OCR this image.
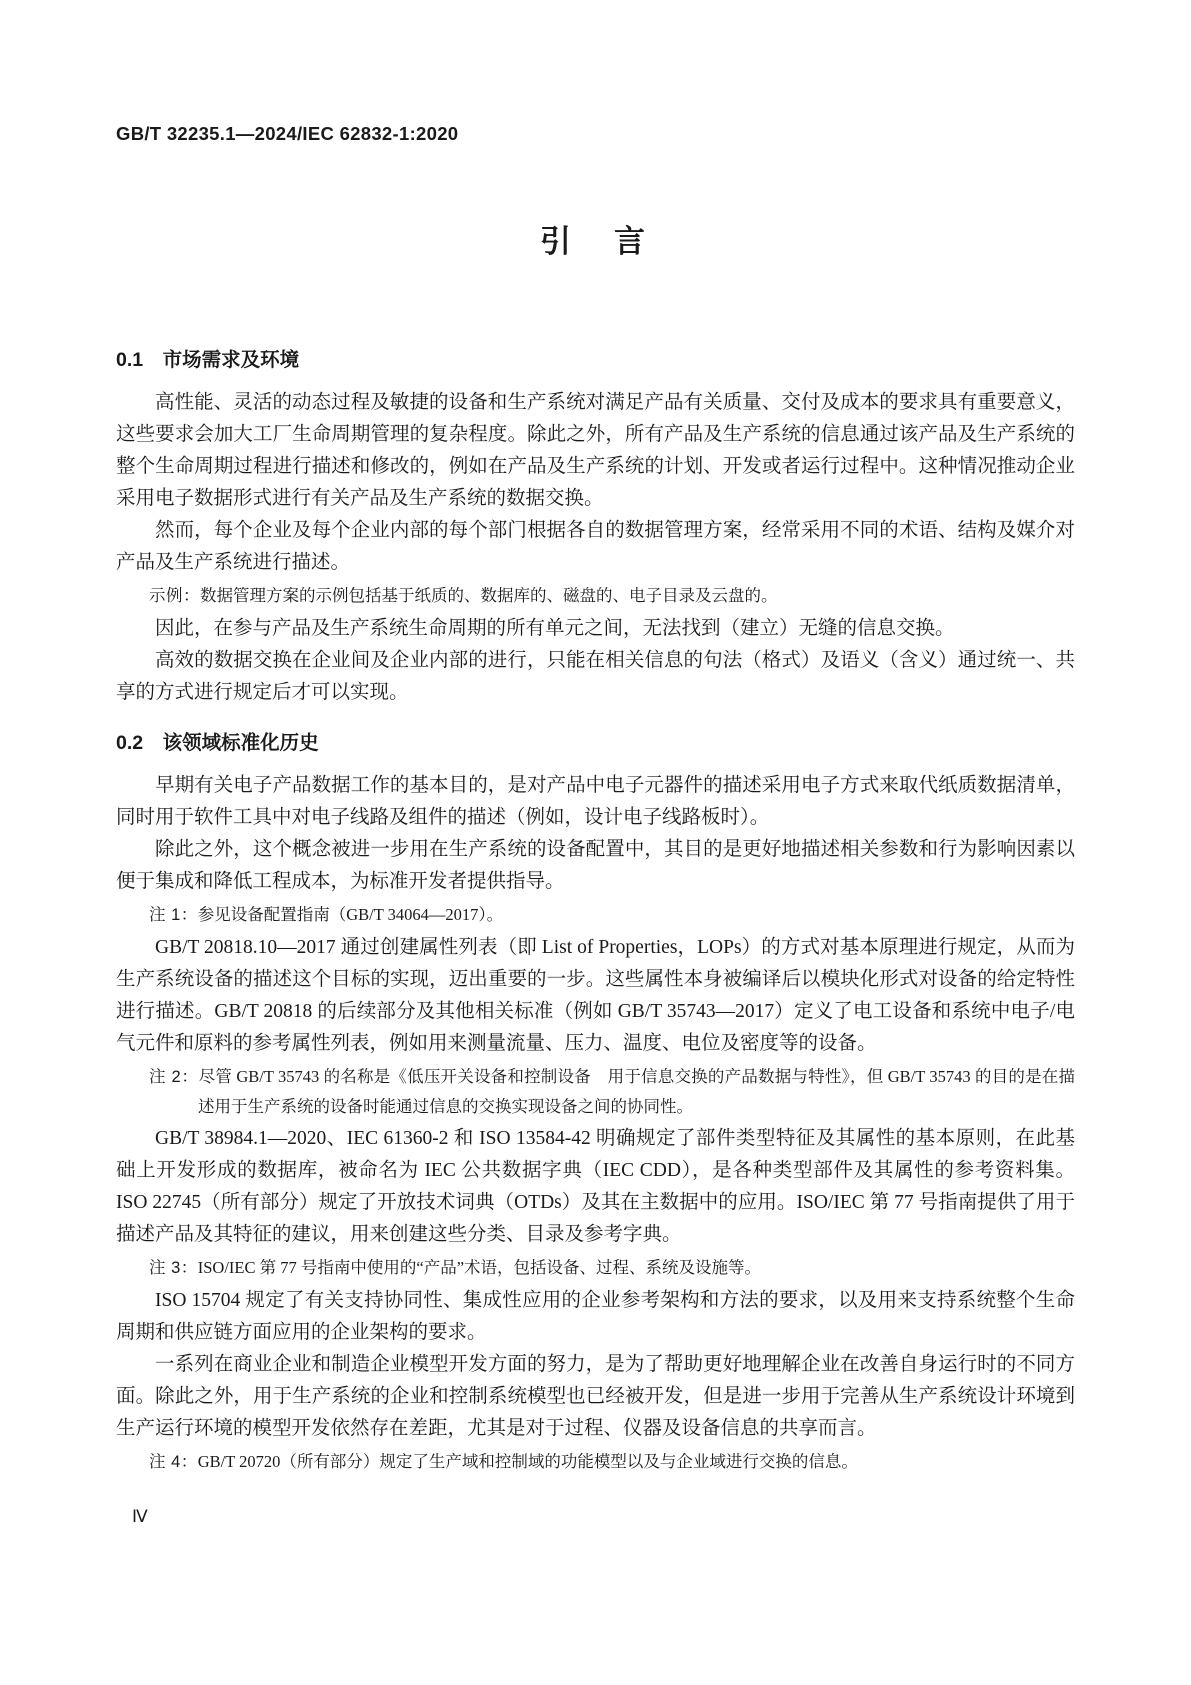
GB/T 32235.1—2024/IEC 62832-1:2020
引　言
0.1　市场需求及环境
高性能、灵活的动态过程及敏捷的设备和生产系统对满足产品有关质量、交付及成本的要求具有重要意义，这些要求会加大工厂生命周期管理的复杂程度。除此之外，所有产品及生产系统的信息通过该产品及生产系统的整个生命周期过程进行描述和修改的，例如在产品及生产系统的计划、开发或者运行过程中。这种情况推动企业采用电子数据形式进行有关产品及生产系统的数据交换。
然而，每个企业及每个企业内部的每个部门根据各自的数据管理方案，经常采用不同的术语、结构及媒介对产品及生产系统进行描述。
示例：数据管理方案的示例包括基于纸质的、数据库的、磁盘的、电子目录及云盘的。
因此，在参与产品及生产系统生命周期的所有单元之间，无法找到（建立）无缝的信息交换。
高效的数据交换在企业间及企业内部的进行，只能在相关信息的句法（格式）及语义（含义）通过统一、共享的方式进行规定后才可以实现。
0.2　该领域标准化历史
早期有关电子产品数据工作的基本目的，是对产品中电子元器件的描述采用电子方式来取代纸质数据清单，同时用于软件工具中对电子线路及组件的描述（例如，设计电子线路板时）。
除此之外，这个概念被进一步用在生产系统的设备配置中，其目的是更好地描述相关参数和行为影响因素以便于集成和降低工程成本，为标准开发者提供指导。
注 1：参见设备配置指南（GB/T 34064—2017）。
GB/T 20818.10—2017 通过创建属性列表（即 List of Properties，LOPs）的方式对基本原理进行规定，从而为生产系统设备的描述这个目标的实现，迈出重要的一步。这些属性本身被编译后以模块化形式对设备的给定特性进行描述。GB/T 20818 的后续部分及其他相关标准（例如 GB/T 35743—2017）定义了电工设备和系统中电子/电气元件和原料的参考属性列表，例如用来测量流量、压力、温度、电位及密度等的设备。
注 2：尽管 GB/T 35743 的名称是《低压开关设备和控制设备　用于信息交换的产品数据与特性》，但 GB/T 35743 的目的是在描述用于生产系统的设备时能通过信息的交换实现设备之间的协同性。
GB/T 38984.1—2020、IEC 61360-2 和 ISO 13584-42 明确规定了部件类型特征及其属性的基本原则，在此基础上开发形成的数据库，被命名为 IEC 公共数据字典（IEC CDD），是各种类型部件及其属性的参考资料集。ISO 22745（所有部分）规定了开放技术词典（OTDs）及其在主数据中的应用。ISO/IEC 第 77 号指南提供了用于描述产品及其特征的建议，用来创建这些分类、目录及参考字典。
注 3：ISO/IEC 第 77 号指南中使用的“产品”术语，包括设备、过程、系统及设施等。
ISO 15704 规定了有关支持协同性、集成性应用的企业参考架构和方法的要求，以及用来支持系统整个生命周期和供应链方面应用的企业架构的要求。
一系列在商业企业和制造企业模型开发方面的努力，是为了帮助更好地理解企业在改善自身运行时的不同方面。除此之外，用于生产系统的企业和控制系统模型也已经被开发，但是进一步用于完善从生产系统设计环境到生产运行环境的模型开发依然存在差距，尤其是对于过程、仪器及设备信息的共享而言。
注 4：GB/T 20720（所有部分）规定了生产域和控制域的功能模型以及与企业域进行交换的信息。
Ⅳ
